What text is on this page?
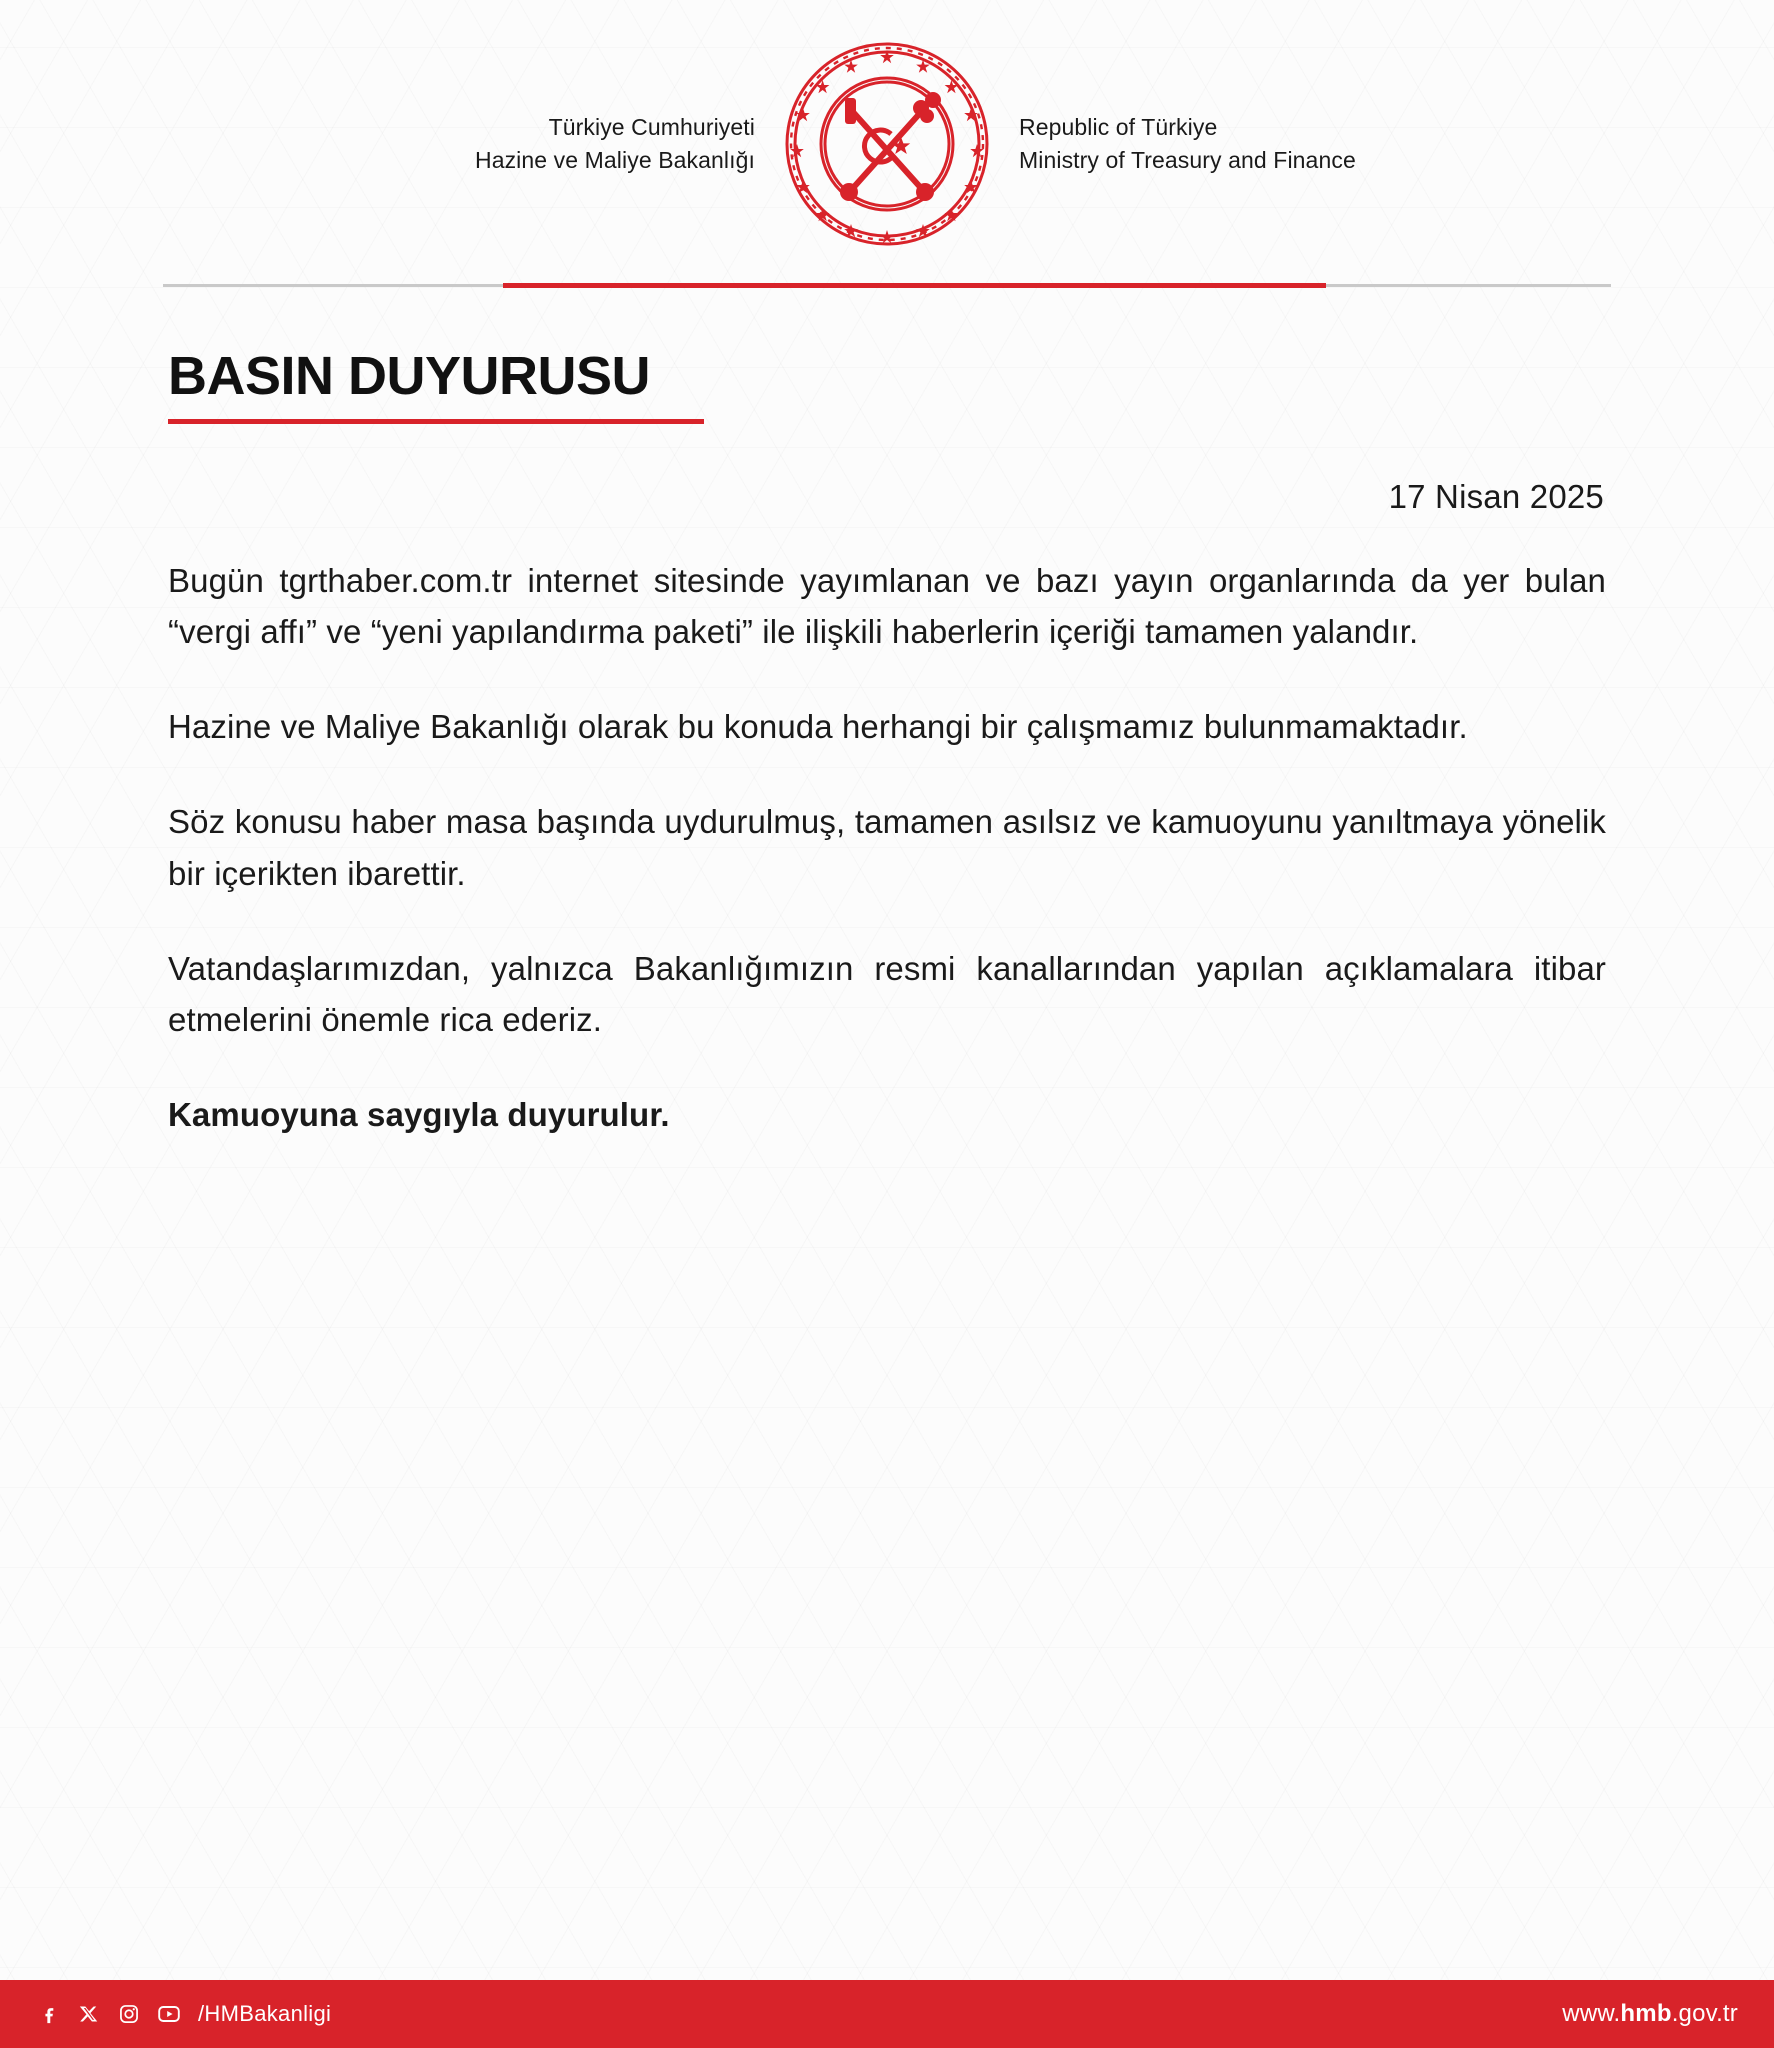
Türkiye Cumhuriyeti
Hazine ve Maliye Bakanlığı
Republic of Türkiye
Ministry of Treasury and Finance
BASIN DUYURUSU
17 Nisan 2025

Bugün tgrthaber.com.tr internet sitesinde yayımlanan ve bazı yayın organlarında da yer bulan “vergi affı” ve “yeni yapılandırma paketi” ile ilişkili haberlerin içeriği tamamen yalandır.

Hazine ve Maliye Bakanlığı olarak bu konuda herhangi bir çalışmamız bulunmamaktadır.

Söz konusu haber masa başında uydurulmuş, tamamen asılsız ve kamuoyunu yanıltmaya yönelik bir içerikten ibarettir.

Vatandaşlarımızdan, yalnızca Bakanlığımızın resmi kanallarından yapılan açıklamalara itibar etmelerini önemle rica ederiz.

Kamuoyuna saygıyla duyurulur.

/HMBakanligi	www.hmb.gov.tr
